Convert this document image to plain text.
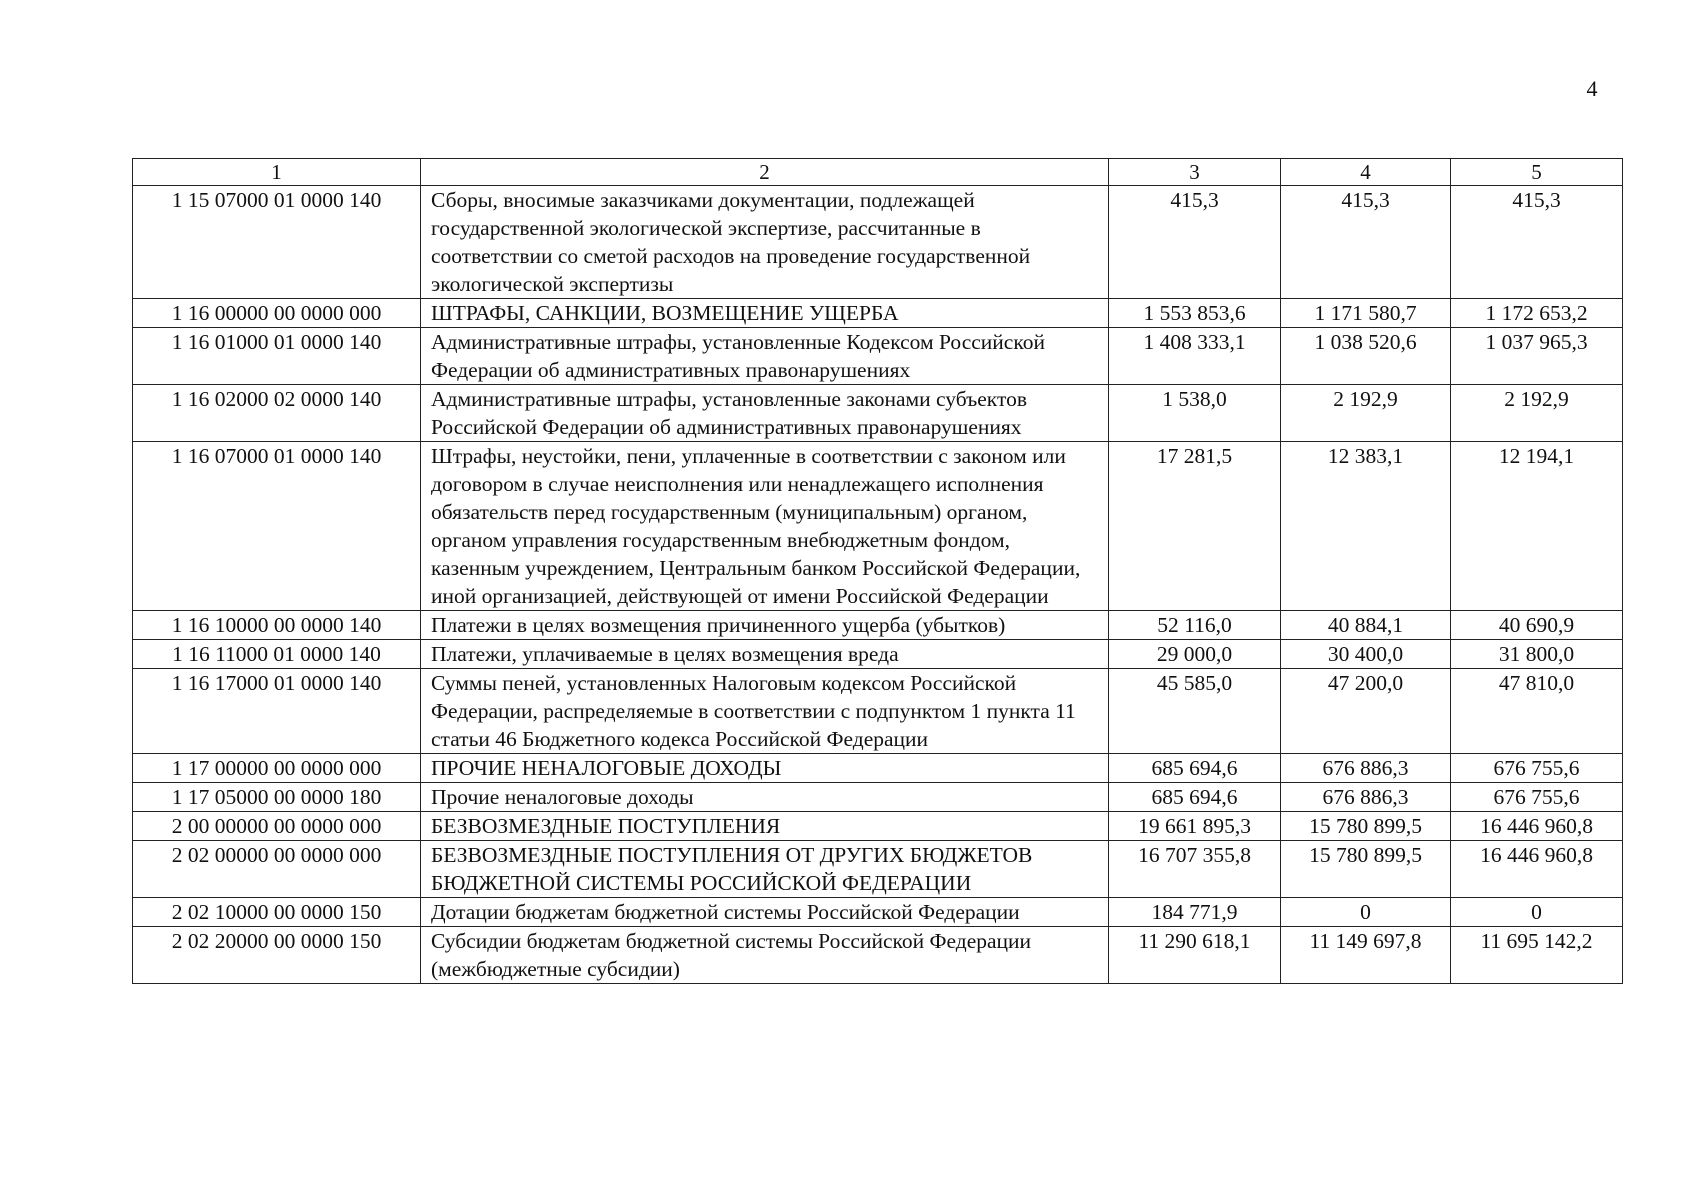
4
1	2	3	4	5
1 15 07000 01 0000 140	Сборы, вносимые заказчиками документации, подлежащей государственной экологической экспертизе, рассчитанные в соответствии со сметой расходов на проведение государственной экологической экспертизы	415,3	415,3	415,3
1 16 00000 00 0000 000	ШТРАФЫ, САНКЦИИ, ВОЗМЕЩЕНИЕ УЩЕРБА	1 553 853,6	1 171 580,7	1 172 653,2
1 16 01000 01 0000 140	Административные штрафы, установленные Кодексом Российской Федерации об административных правонарушениях	1 408 333,1	1 038 520,6	1 037 965,3
1 16 02000 02 0000 140	Административные штрафы, установленные законами субъектов Российской Федерации об административных правонарушениях	1 538,0	2 192,9	2 192,9
1 16 07000 01 0000 140	Штрафы, неустойки, пени, уплаченные в соответствии с законом или договором в случае неисполнения или ненадлежащего исполнения обязательств перед государственным (муниципальным) органом, органом управления государственным внебюджетным фондом, казенным учреждением, Центральным банком Российской Федерации, иной организацией, действующей от имени Российской Федерации	17 281,5	12 383,1	12 194,1
1 16 10000 00 0000 140	Платежи в целях возмещения причиненного ущерба (убытков)	52 116,0	40 884,1	40 690,9
1 16 11000 01 0000 140	Платежи, уплачиваемые в целях возмещения вреда	29 000,0	30 400,0	31 800,0
1 16 17000 01 0000 140	Суммы пеней, установленных Налоговым кодексом Российской Федерации, распределяемые в соответствии с подпунктом 1 пункта 11 статьи 46 Бюджетного кодекса Российской Федерации	45 585,0	47 200,0	47 810,0
1 17 00000 00 0000 000	ПРОЧИЕ НЕНАЛОГОВЫЕ ДОХОДЫ	685 694,6	676 886,3	676 755,6
1 17 05000 00 0000 180	Прочие неналоговые доходы	685 694,6	676 886,3	676 755,6
2 00 00000 00 0000 000	БЕЗВОЗМЕЗДНЫЕ ПОСТУПЛЕНИЯ	19 661 895,3	15 780 899,5	16 446 960,8
2 02 00000 00 0000 000	БЕЗВОЗМЕЗДНЫЕ ПОСТУПЛЕНИЯ ОТ ДРУГИХ БЮДЖЕТОВ БЮДЖЕТНОЙ СИСТЕМЫ РОССИЙСКОЙ ФЕДЕРАЦИИ	16 707 355,8	15 780 899,5	16 446 960,8
2 02 10000 00 0000 150	Дотации бюджетам бюджетной системы Российской Федерации	184 771,9	0	0
2 02 20000 00 0000 150	Субсидии бюджетам бюджетной системы Российской Федерации (межбюджетные субсидии)	11 290 618,1	11 149 697,8	11 695 142,2
